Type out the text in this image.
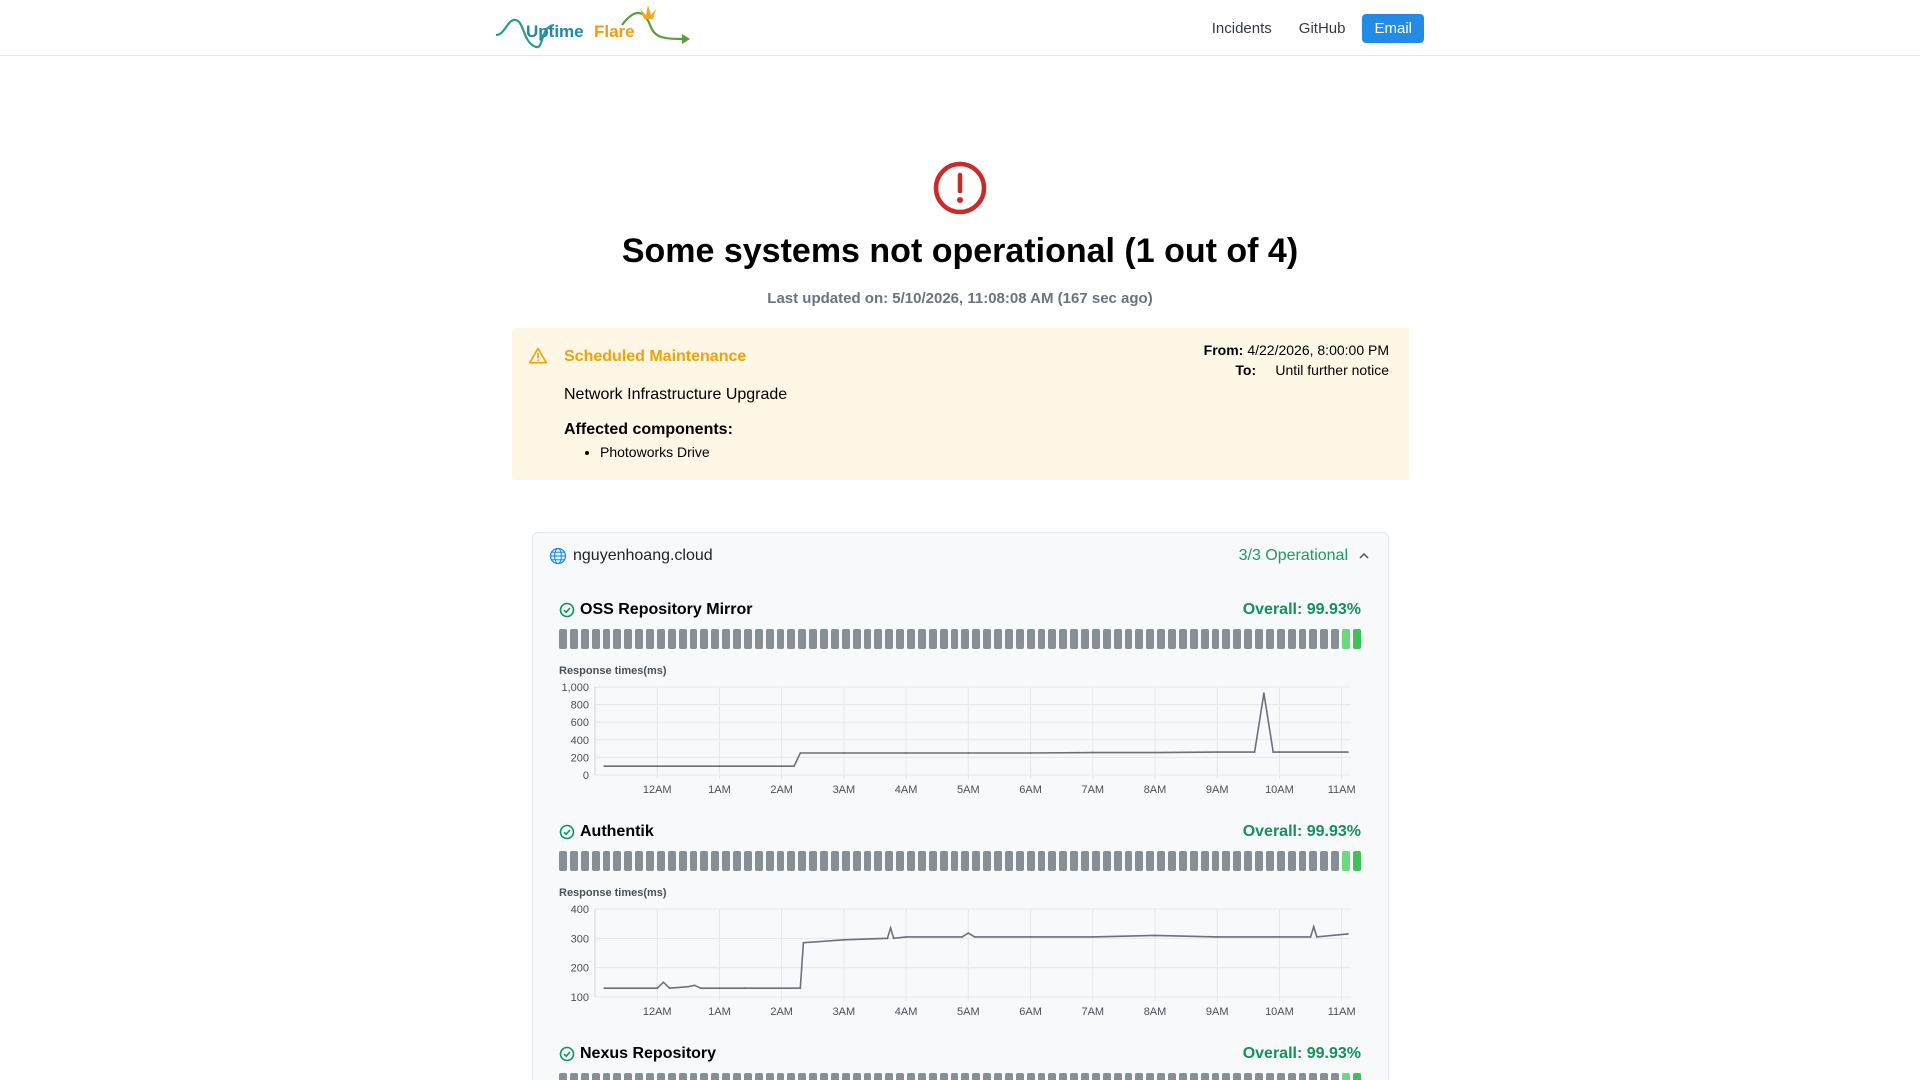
Uptime Flare	Incidents	GitHub	Email
Some systems not operational (1 out of 4)
Last updated on: 5/10/2026, 11:08:08 AM (167 sec ago)
Scheduled Maintenance
Network Infrastructure Upgrade
Affected components:
• Photoworks Drive
From: 4/22/2026, 8:00:00 PM
To:	Until further notice
nguyenhoang.cloud	3/3 Operational
OSS Repository Mirror	Overall: 99.93%
Response times(ms)
0
200
400
600
800
1,000
12AM	1AM	2AM	3AM	4AM	5AM	6AM	7AM	8AM	9AM	10AM	11AM
Authentik	Overall: 99.93%
Response times(ms)
100
200
300
400
12AM	1AM	2AM	3AM	4AM	5AM	6AM	7AM	8AM	9AM	10AM	11AM
Nexus Repository	Overall: 99.93%
